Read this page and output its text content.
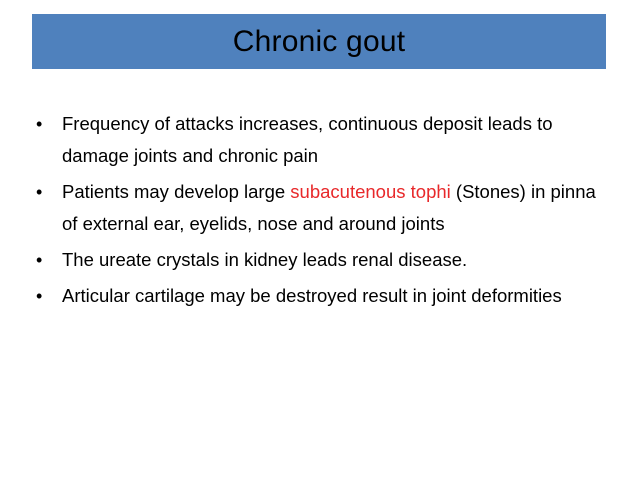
Chronic gout
• Frequency of attacks increases, continuous deposit leads to damage joints and chronic pain
• Patients may develop large subacutenous tophi (Stones) in pinna of external ear, eyelids, nose and around joints
• The ureate crystals in kidney leads renal disease.
• Articular cartilage may be destroyed result in joint deformities
